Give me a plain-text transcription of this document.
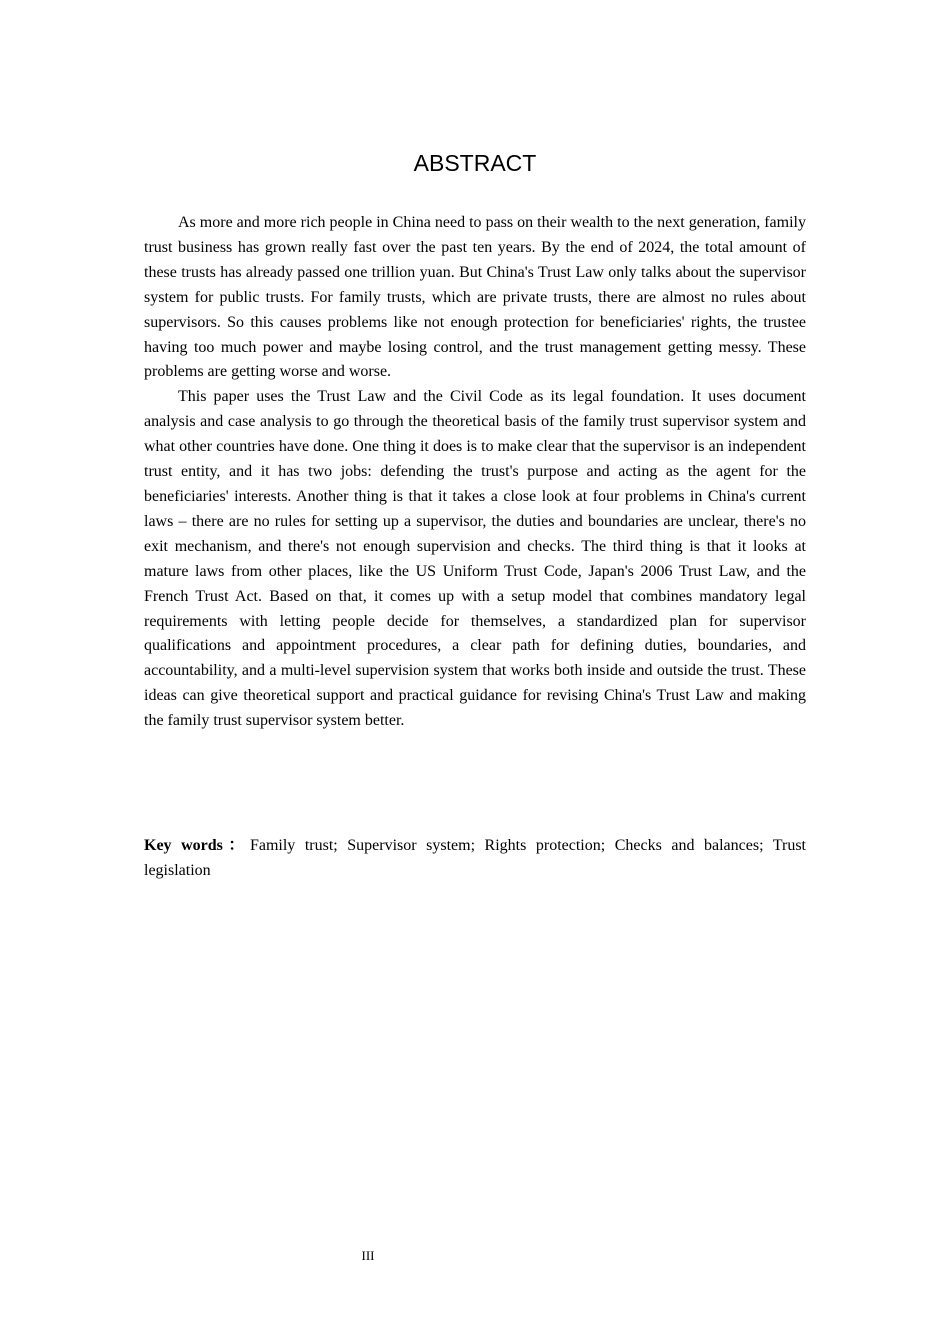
ABSTRACT

As more and more rich people in China need to pass on their wealth to the next generation, family trust business has grown really fast over the past ten years. By the end of 2024, the total amount of these trusts has already passed one trillion yuan. But China's Trust Law only talks about the supervisor system for public trusts. For family trusts, which are private trusts, there are almost no rules about supervisors. So this causes problems like not enough protection for beneficiaries' rights, the trustee having too much power and maybe losing control, and the trust management getting messy. These problems are getting worse and worse.

This paper uses the Trust Law and the Civil Code as its legal foundation. It uses document analysis and case analysis to go through the theoretical basis of the family trust supervisor system and what other countries have done. One thing it does is to make clear that the supervisor is an independent trust entity, and it has two jobs: defending the trust's purpose and acting as the agent for the beneficiaries' interests. Another thing is that it takes a close look at four problems in China's current laws – there are no rules for setting up a supervisor, the duties and boundaries are unclear, there's no exit mechanism, and there's not enough supervision and checks. The third thing is that it looks at mature laws from other places, like the US Uniform Trust Code, Japan's 2006 Trust Law, and the French Trust Act. Based on that, it comes up with a setup model that combines mandatory legal requirements with letting people decide for themselves, a standardized plan for supervisor qualifications and appointment procedures, a clear path for defining duties, boundaries, and accountability, and a multi-level supervision system that works both inside and outside the trust. These ideas can give theoretical support and practical guidance for revising China's Trust Law and making the family trust supervisor system better.

Key words：Family trust; Supervisor system; Rights protection; Checks and balances; Trust legislation

III
